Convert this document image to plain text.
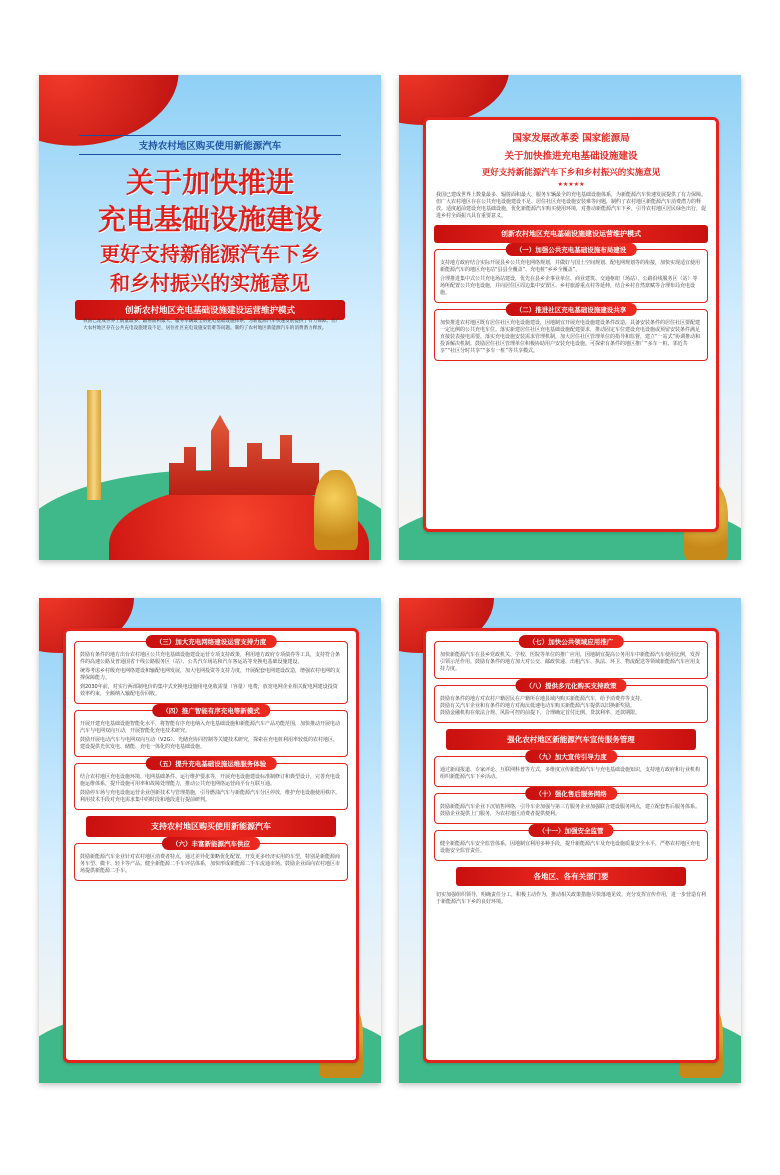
支持农村地区购买使用新能源汽车
关于加快推进
充电基础设施建设
更好支持新能源汽车下乡
和乡村振兴的实施意见
创新农村地区充电基础设施建设运营维护模式

我国已建成世界上数量最多、辐射面积最大、服务车辆最全的充电基础设施体系，为新能源汽车快速发展提供了有力保障。但广大农村地区存在公共充电设施建设不足、居住社区充电设施安装难等问题。制约了农村地区新能源汽车的消费潜力释放。

国家发展改革委 国家能源局
关于加快推进充电基础设施建设
更好支持新能源汽车下乡和乡村振兴的实施意见
★★★★★

我国已建成世界上数量最多、辐射面积最大、服务车辆最全的充电基础设施体系，为新能源汽车快速发展提供了有力保障。但广大农村地区存在公共充电设施建设不足、居住社区充电设施安装难等问题，制约了农村地区新能源汽车消费潜力的释放。适度超前建设充电基础设施，优化新能源汽车购买使用环境，对推动新能源汽车下乡，引导农村地区居民绿色出行，促进乡村全面振兴具有重要意义。

创新农村地区充电基础设施建设运营维护模式
（一）加强公共充电基础设施布局建设

支持地方政府结合实际开展县乡公共充电网络规划，并做好与国土空间规划、配电网规划等的衔接，加快实现适宜使用新能源汽车的地区充电站“县县全覆盖”、充电桩“乡乡全覆盖”。

合理推进集中式公共充电场站建设，优先在县乡企事业单位、商业建筑、交通枢纽（场站）、公路沿线服务区（站）等场所配置公共充电设施，并向居住区周边集中安置区、乡村旅游重点村等延伸，结合乡村自然禀赋等合理布局充电设施。

（二）推进社区充电基础设施建设共享

加快推进农村地区既有居住社区充电设施建设，因地制宜开展充电设施建设条件改造，具备安装条件的居住社区要配建一定比例的公共充电车位。落实新建居住社区充电基础设施配建要求，推动固定车位建设充电设施或预留安装条件满足直接装表接电需要。落实充电设施安装需求管理机制，加大居住社区管理单位的指导和监督，建立“一站式”协调推动和投诉解决机制。鼓励居住社区管理单位积极协助用户安装充电设施。可探索有条件的地区推广“多车一桩、邻近共享”“社区分时共享”“多车一桩”等共享模式。

（三）加大充电网络建设运营支持力度

鼓励有条件的地方出台农村地区公共充电基础设施建设运营专项支持政策，利用地方政府专项债券等工具，支持符合条件的高速公路及普通国省干线公路服务区（站）、公共汽车场站和汽车客运站等充换电基础设施建设。

统筹考虑乡村级充电网络建设和输配电网发展，加大电网投资等支持力度，开展配套电网建设改造，增强农村电网的支撑保障能力。

到2030年前，对实行两部制电价的集中式充换电设施用电免收需量（容量）电费，放宽电网企业相关配电网建设投资效率约束，全额纳入输配电价回收。

（四）推广智能有序充电等新模式

开展开建充电基础设施智能化水平，将智能有序充电纳入充电基础设施和新能源汽车产品功能范围，加快推动开展电动汽车与电网双向互动，开展智能化充电技术研究。

鼓励开展电动汽车与电网双向互动（V2G）、光储充协同控制等关键技术研究，探索在充电桩利用率较低的农村地区，建设提供光伏发电、储能、充电一体化的充电基础设施。

（五）提升充电基础设施运维服务体验

结合农村地区充电设施环境、电网基础条件、运行维护要求等，开展充电设施建设标准制修订和典型设计，完善充电设施运维体系，提升设施可用率和故障处理能力，推动公共充电网络运营商平台互联互通。

鼓励停车场与充电设施运营企业创新技术与管理措施，引导燃油汽车与新能源汽车分区停放，维护充电设施使用秩序。利用技术手段对充电需求集中的时段和地段进行提前研判。

支持农村地区购买使用新能源汽车
（六）丰富新能源汽车供应

鼓励新能源汽车企业针对农村地区消费者特点，通过差异化策略优化配置，开发更多经济实用的车型，特别是新能源商务车型、微卡、轻卡等产品。健全新能源二手车评估体系，加快形成新能源二手车流通市场。鼓励企业面向农村地区市场提供新能源二手车。

（七）加快公共领域应用推广

加快新能源汽车在县乡党政机关、学校、医院等单位的推广应用，因地制宜提高公务用车中新能源汽车使用比例，发挥引领示范作用。鼓励有条件的地方加大对公交、邮政快递、出租汽车、执法、环卫、物流配送等领域新能源汽车应用支持力度。

（八）提供多元化购买支持政策

鼓励有条件的地方对农村户籍居民在户籍所在地县域内购买新能源汽车，给予消费券等支持。

鼓励有关汽车企业和有条件的地方对淘汰低速电动车购买新能源汽车提供以旧换新奖励。

鼓励金融机构在依法合规、风险可控的前提下，合理确定首付比例、贷款利率、还款期限。

强化农村地区新能源汽车宣传服务管理
（九）加大宣传引导力度

通过新闻报道、专家评论、互联网科普等方式，多维度宣传新能源汽车与充电基础设施知识，支持地方政府和行业机构组织新能源汽车下乡活动。

（十）强化售后服务网络

鼓励新能源汽车企业下沉销售网络，引导车企加强与第三方服务企业加强联合建设服务网点，建立配套售后服务体系。鼓励企业提供上门服务，为农村地区消费者提供便利。

（十一）加强安全监管

健全新能源汽车安全监管体系，因地制宜利用多种手段，提升新能源汽车及充电设施质量安全水平，严格农村地区充电设施安全监管责任。

各地区、各有关部门要

切实加强组织领导，明确责任分工，积极主动作为，推动相关政策措施尽快落地见效。充分发挥宣传作用，进一步营造有利于新能源汽车下乡的良好环境。
